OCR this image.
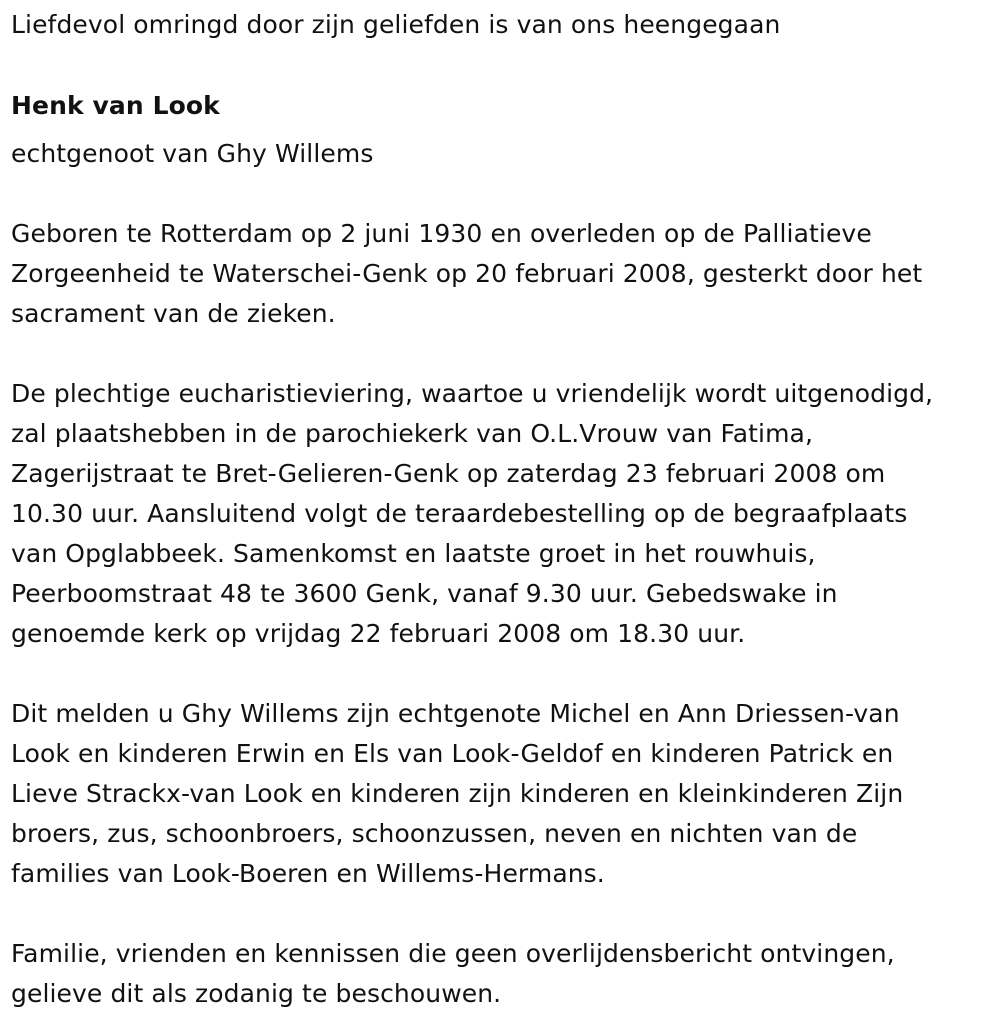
Liefdevol omringd door zijn geliefden is van ons heengegaan
Henk van Look
echtgenoot van Ghy Willems
Geboren te Rotterdam op 2 juni 1930 en overleden op de Palliatieve
Zorgeenheid te Waterschei-Genk op 20 februari 2008, gesterkt door het
sacrament van de zieken.
De plechtige eucharistieviering, waartoe u vriendelijk wordt uitgenodigd,
zal plaatshebben in de parochiekerk van O.L.Vrouw van Fatima,
Zagerijstraat te Bret-Gelieren-Genk op zaterdag 23 februari 2008 om
10.30 uur. Aansluitend volgt de teraardebestelling op de begraafplaats
van Opglabbeek. Samenkomst en laatste groet in het rouwhuis,
Peerboomstraat 48 te 3600 Genk, vanaf 9.30 uur. Gebedswake in
genoemde kerk op vrijdag 22 februari 2008 om 18.30 uur.
Dit melden u Ghy Willems zijn echtgenote Michel en Ann Driessen-van
Look en kinderen Erwin en Els van Look-Geldof en kinderen Patrick en
Lieve Strackx-van Look en kinderen zijn kinderen en kleinkinderen Zijn
broers, zus, schoonbroers, schoonzussen, neven en nichten van de
families van Look-Boeren en Willems-Hermans.
Familie, vrienden en kennissen die geen overlijdensbericht ontvingen,
gelieve dit als zodanig te beschouwen.
